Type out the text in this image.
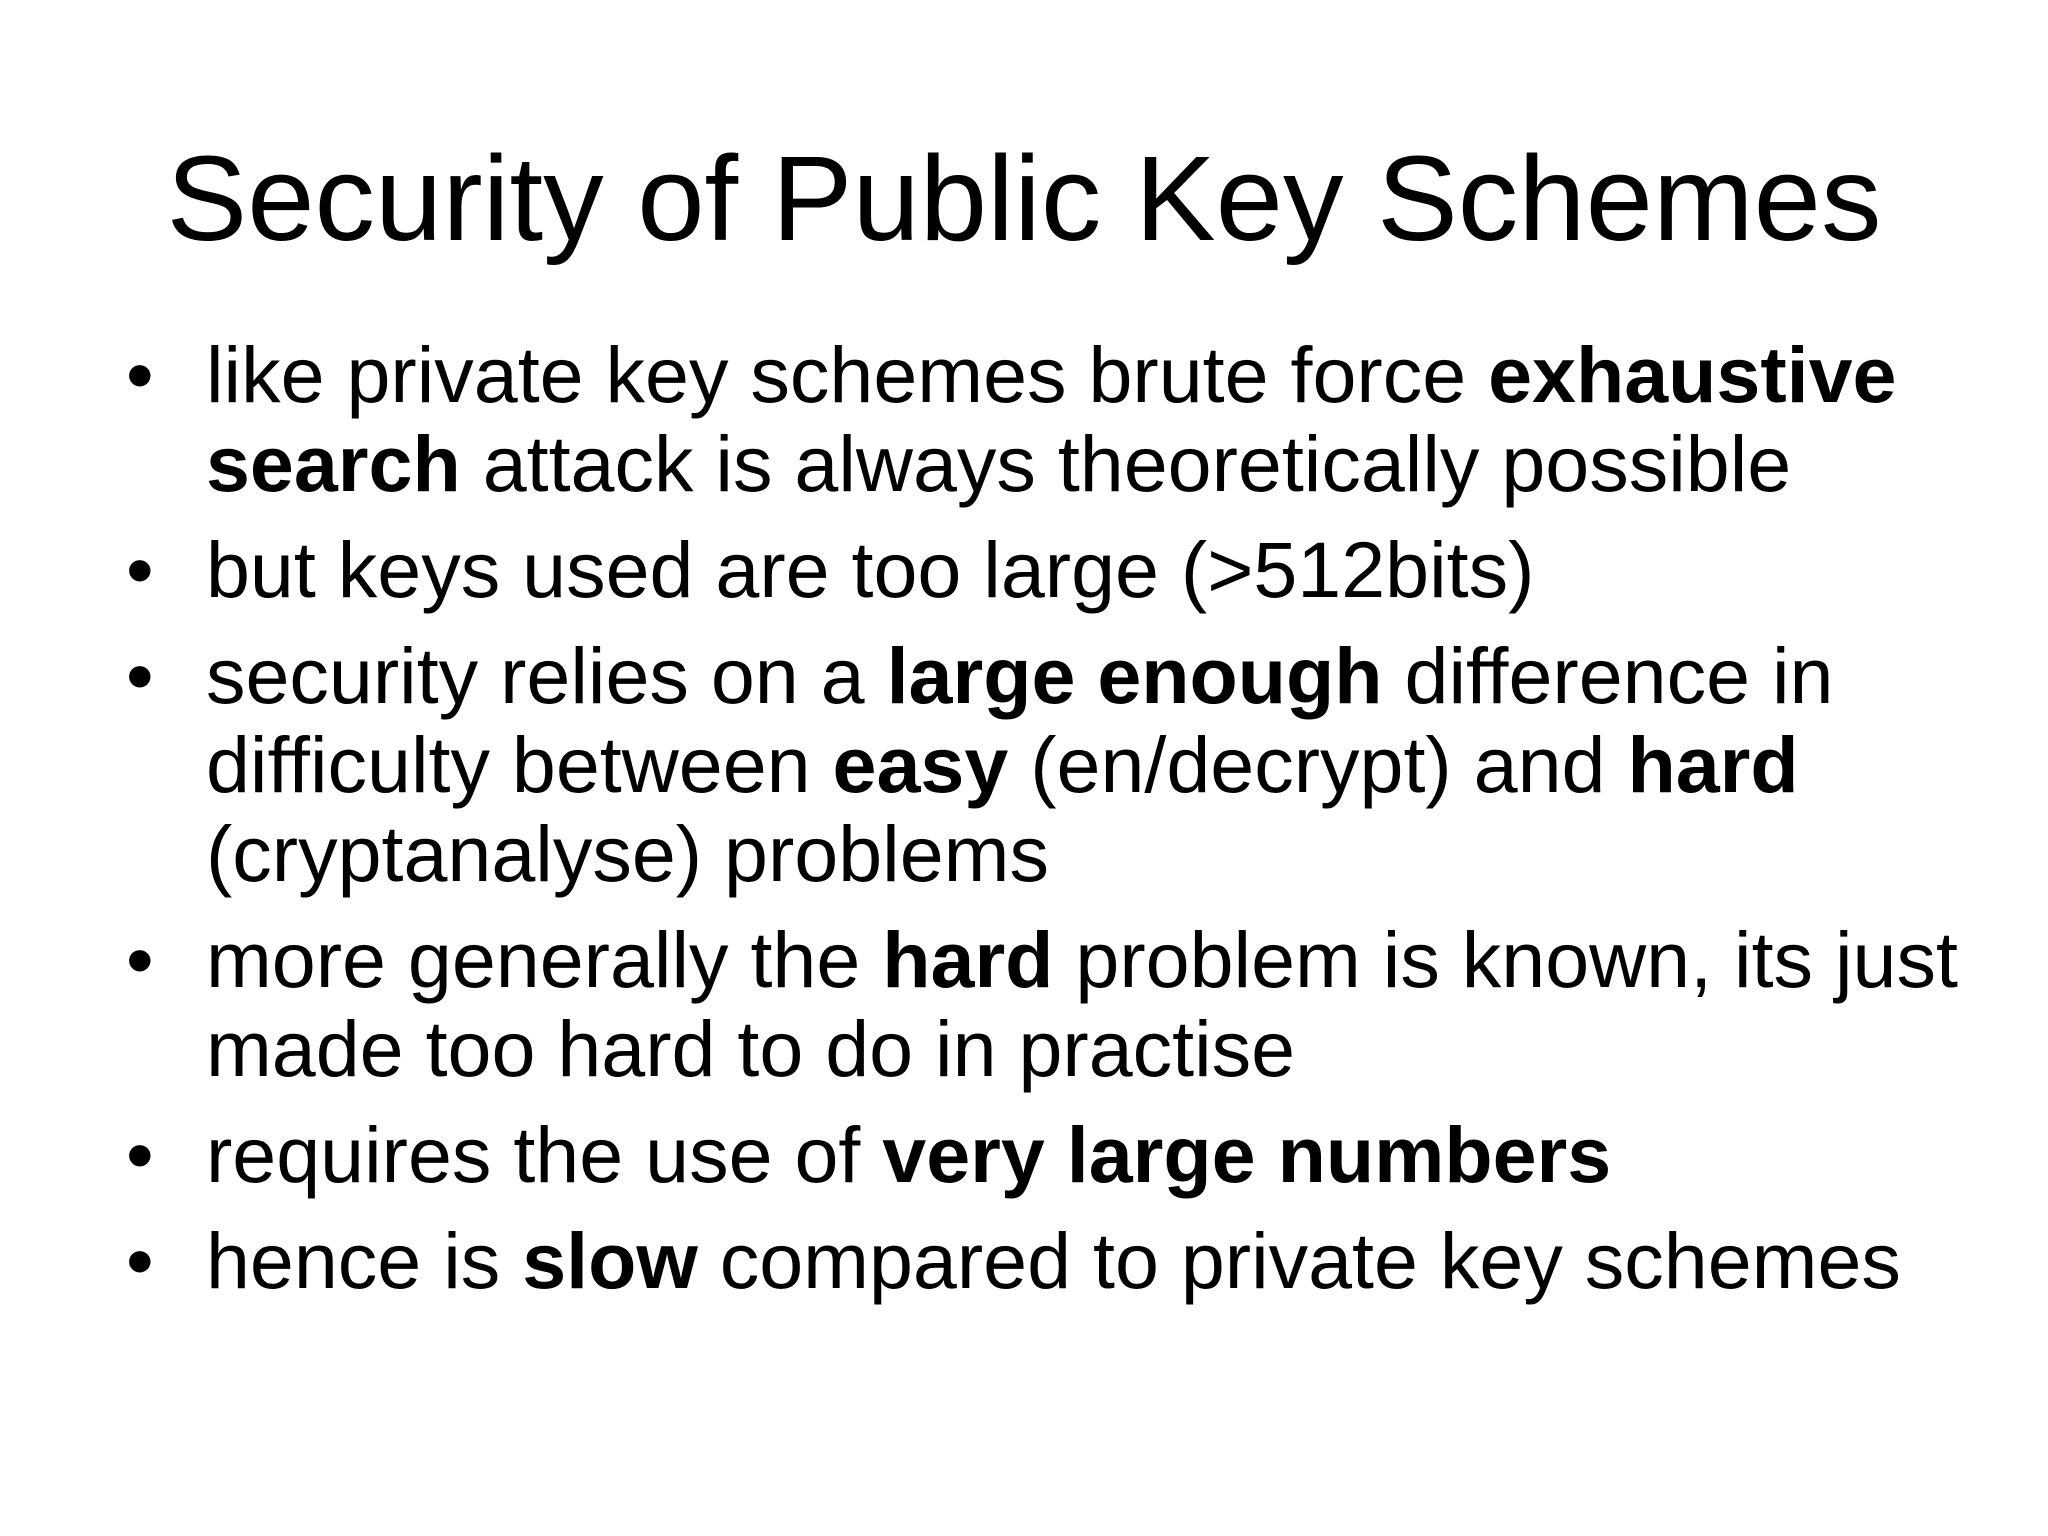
Security of Public Key Schemes
• like private key schemes brute force exhaustive search attack is always theoretically possible
• but keys used are too large (>512bits)
• security relies on a large enough difference in difficulty between easy (en/decrypt) and hard (cryptanalyse) problems
• more generally the hard problem is known, its just made too hard to do in practise
• requires the use of very large numbers
• hence is slow compared to private key schemes
